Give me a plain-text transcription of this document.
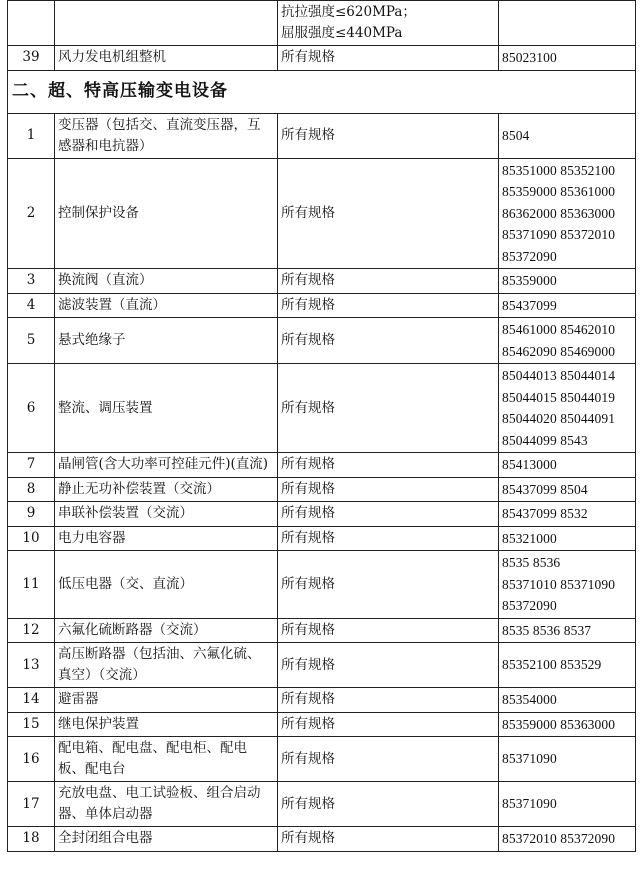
		抗拉强度≤620MPa；
屈服强度≤440MPa	

39	风力发电机组整机	所有规格	85023100
二、超、特高压输变电设备			
1	变压器（包括交、直流变压器，互感器和电抗器）	所有规格	8504

2	控制保护设备	所有规格	85351000 85352100
85359000 85361000
86362000 85363000
85371090 85372010
85372090

3	换流阀（直流）	所有规格	85359000

4	滤波装置（直流）	所有规格	85437099

5	悬式绝缘子	所有规格	85461000 85462010
85462090 85469000

6	整流、调压装置	所有规格	85044013 85044014
85044015 85044019
85044020 85044091
85044099 8543

7	晶闸管(含大功率可控硅元件)(直流)	所有规格	85413000

8	静止无功补偿装置（交流）	所有规格	85437099 8504

9	串联补偿装置（交流）	所有规格	85437099 8532

10	电力电容器	所有规格	85321000

11	低压电器（交、直流）	所有规格	8535 8536
85371010 85371090
85372090

12	六氟化硫断路器（交流）	所有规格	8535 8536 8537

13	高压断路器（包括油、六氟化硫、真空）（交流）	所有规格	85352100 853529

14	避雷器	所有规格	85354000

15	继电保护装置	所有规格	85359000 85363000

16	配电箱、配电盘、配电柜、配电板、配电台	所有规格	85371090

17	充放电盘、电工试验板、组合启动器、单体启动器	所有规格	85371090

18	全封闭组合电器	所有规格	85372010 85372090
